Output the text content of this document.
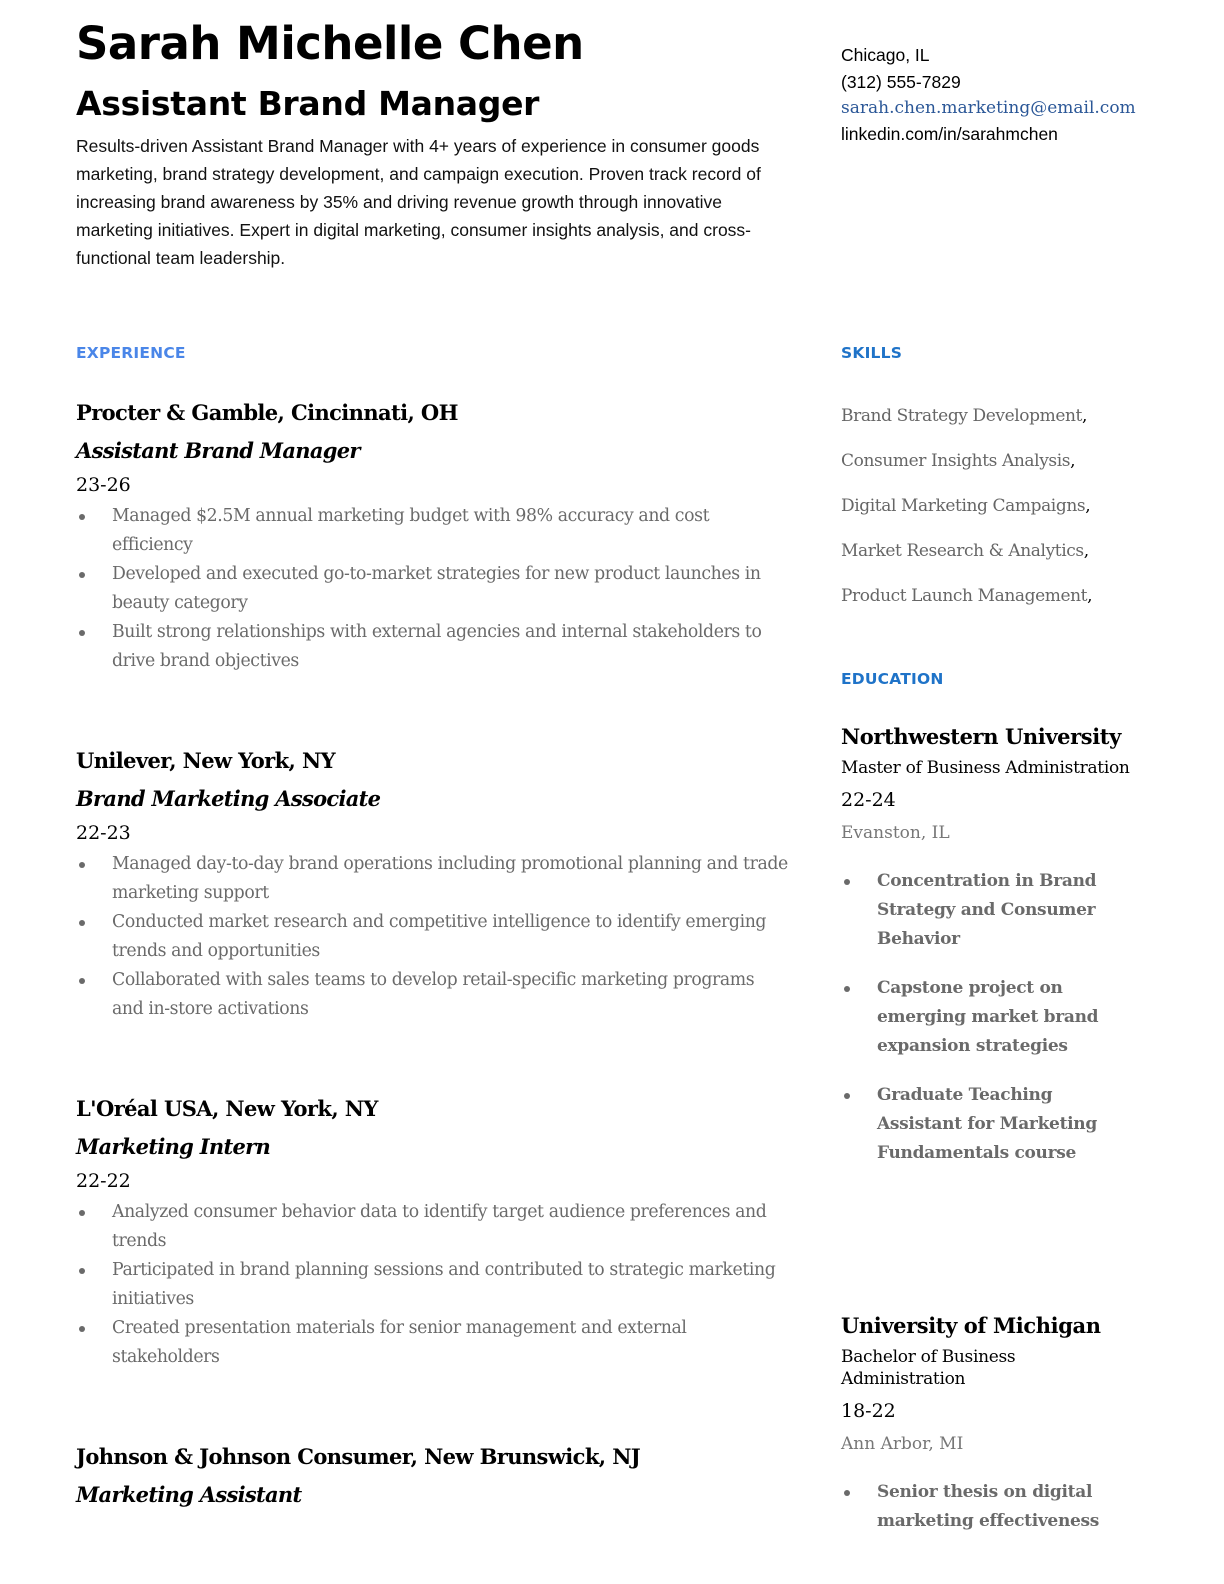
Sarah Michelle Chen
Assistant Brand Manager

Results-driven Assistant Brand Manager with 4+ years of experience in consumer goods marketing, brand strategy development, and campaign execution. Proven track record of increasing brand awareness by 35% and driving revenue growth through innovative marketing initiatives. Expert in digital marketing, consumer insights analysis, and cross-functional team leadership.

Chicago, IL
(312) 555-7829
sarah.chen.marketing@email.com
linkedin.com/in/sarahmchen
EXPERIENCE	SKILLS
EDUCATION
Procter & Gamble, Cincinnati, OH
Assistant Brand Manager
23-26
Managed $2.5M annual marketing budget with 98% accuracy and cost efficiency
Developed and executed go-to-market strategies for new product launches in beauty category
Built strong relationships with external agencies and internal stakeholders to drive brand objectives
Unilever, New York, NY
Brand Marketing Associate
22-23
Managed day-to-day brand operations including promotional planning and trade marketing support
Conducted market research and competitive intelligence to identify emerging trends and opportunities
Collaborated with sales teams to develop retail-specific marketing programs and in-store activations
L'Oréal USA, New York, NY
Marketing Intern
22-22
Analyzed consumer behavior data to identify target audience preferences and trends
Participated in brand planning sessions and contributed to strategic marketing initiatives
Created presentation materials for senior management and external stakeholders
Johnson & Johnson Consumer, New Brunswick, NJ
Marketing Assistant
Brand Strategy Development,
Consumer Insights Analysis,
Digital Marketing Campaigns,
Market Research & Analytics,
Product Launch Management,
Northwestern University
Master of Business Administration
22-24
Evanston, IL
Concentration in Brand Strategy and Consumer Behavior
Capstone project on emerging market brand expansion strategies
Graduate Teaching Assistant for Marketing Fundamentals course
University of Michigan
Bachelor of Business Administration
18-22
Ann Arbor, MI
Senior thesis on digital marketing effectiveness
